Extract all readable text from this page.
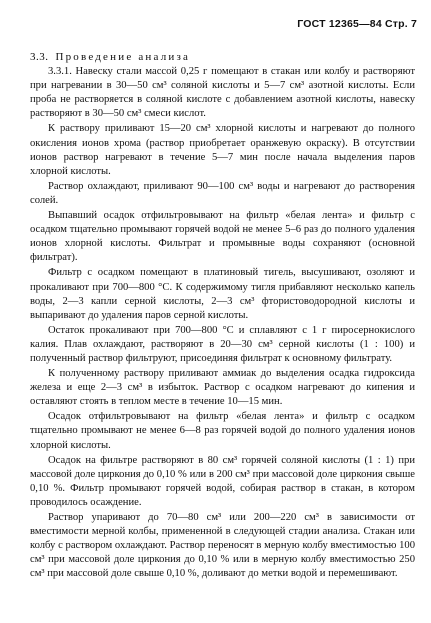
ГОСТ 12365—84 Стр. 7
3.3. Проведение анализа

3.3.1. Навеску стали массой 0,25 г помещают в стакан или колбу и растворяют при нагревании в 30—50 см³ соляной кислоты и 5—7 см³ азотной кислоты. Если проба не растворяется в соляной кислоте с добавлением азотной кислоты, навеску растворяют в 30—50 см³ смеси кислот.

К раствору приливают 15—20 см³ хлорной кислоты и нагревают до полного окисления ионов хрома (раствор приобретает оранжевую окраску). В отсутствии ионов раствор нагревают в течение 5—7 мин после начала выделения паров хлорной кислоты.

Раствор охлаждают, приливают 90—100 см³ воды и нагревают до растворения солей.

Выпавший осадок отфильтровывают на фильтр «белая лента» и фильтр с осадком тщательно промывают горячей водой не менее 5–6 раз до полного удаления ионов хлорной кислоты. Фильтрат и промывные воды сохраняют (основной фильтрат).

Фильтр с осадком помещают в платиновый тигель, высушивают, озоляют и прокаливают при 700—800 °С. К содержимому тигля прибавляют несколько капель воды, 2—3 капли серной кислоты, 2—3 см³ фтористоводородной кислоты и выпаривают до удаления паров серной кислоты.

Остаток прокаливают при 700—800 °С и сплавляют с 1 г пиросернокислого калия. Плав охлаждают, растворяют в 20—30 см³ серной кислоты (1 : 100) и полученный раствор фильтруют, присоединяя фильтрат к основному фильтрату.

К полученному раствору приливают аммиак до выделения осадка гидроксида железа и еще 2—3 см³ в избыток. Раствор с осадком нагревают до кипения и оставляют стоять в теплом месте в течение 10—15 мин.

Осадок отфильтровывают на фильтр «белая лента» и фильтр с осадком тщательно промывают не менее 6—8 раз горячей водой до полного удаления ионов хлорной кислоты.

Осадок на фильтре растворяют в 80 см³ горячей соляной кислоты (1 : 1) при массовой доле циркония до 0,10 % или в 200 см³ при массовой доле циркония свыше 0,10 %. Фильтр промывают горячей водой, собирая раствор в стакан, в котором проводилось осаждение.

Раствор упаривают до 70—80 см³ или 200—220 см³ в зависимости от вместимости мерной колбы, примененной в следующей стадии анализа. Стакан или колбу с раствором охлаждают. Раствор переносят в мерную колбу вместимостью 100 см³ при массовой доле циркония до 0,10 % или в мерную колбу вместимостью 250 см³ при массовой доле свыше 0,10 %, доливают до метки водой и перемешивают.
